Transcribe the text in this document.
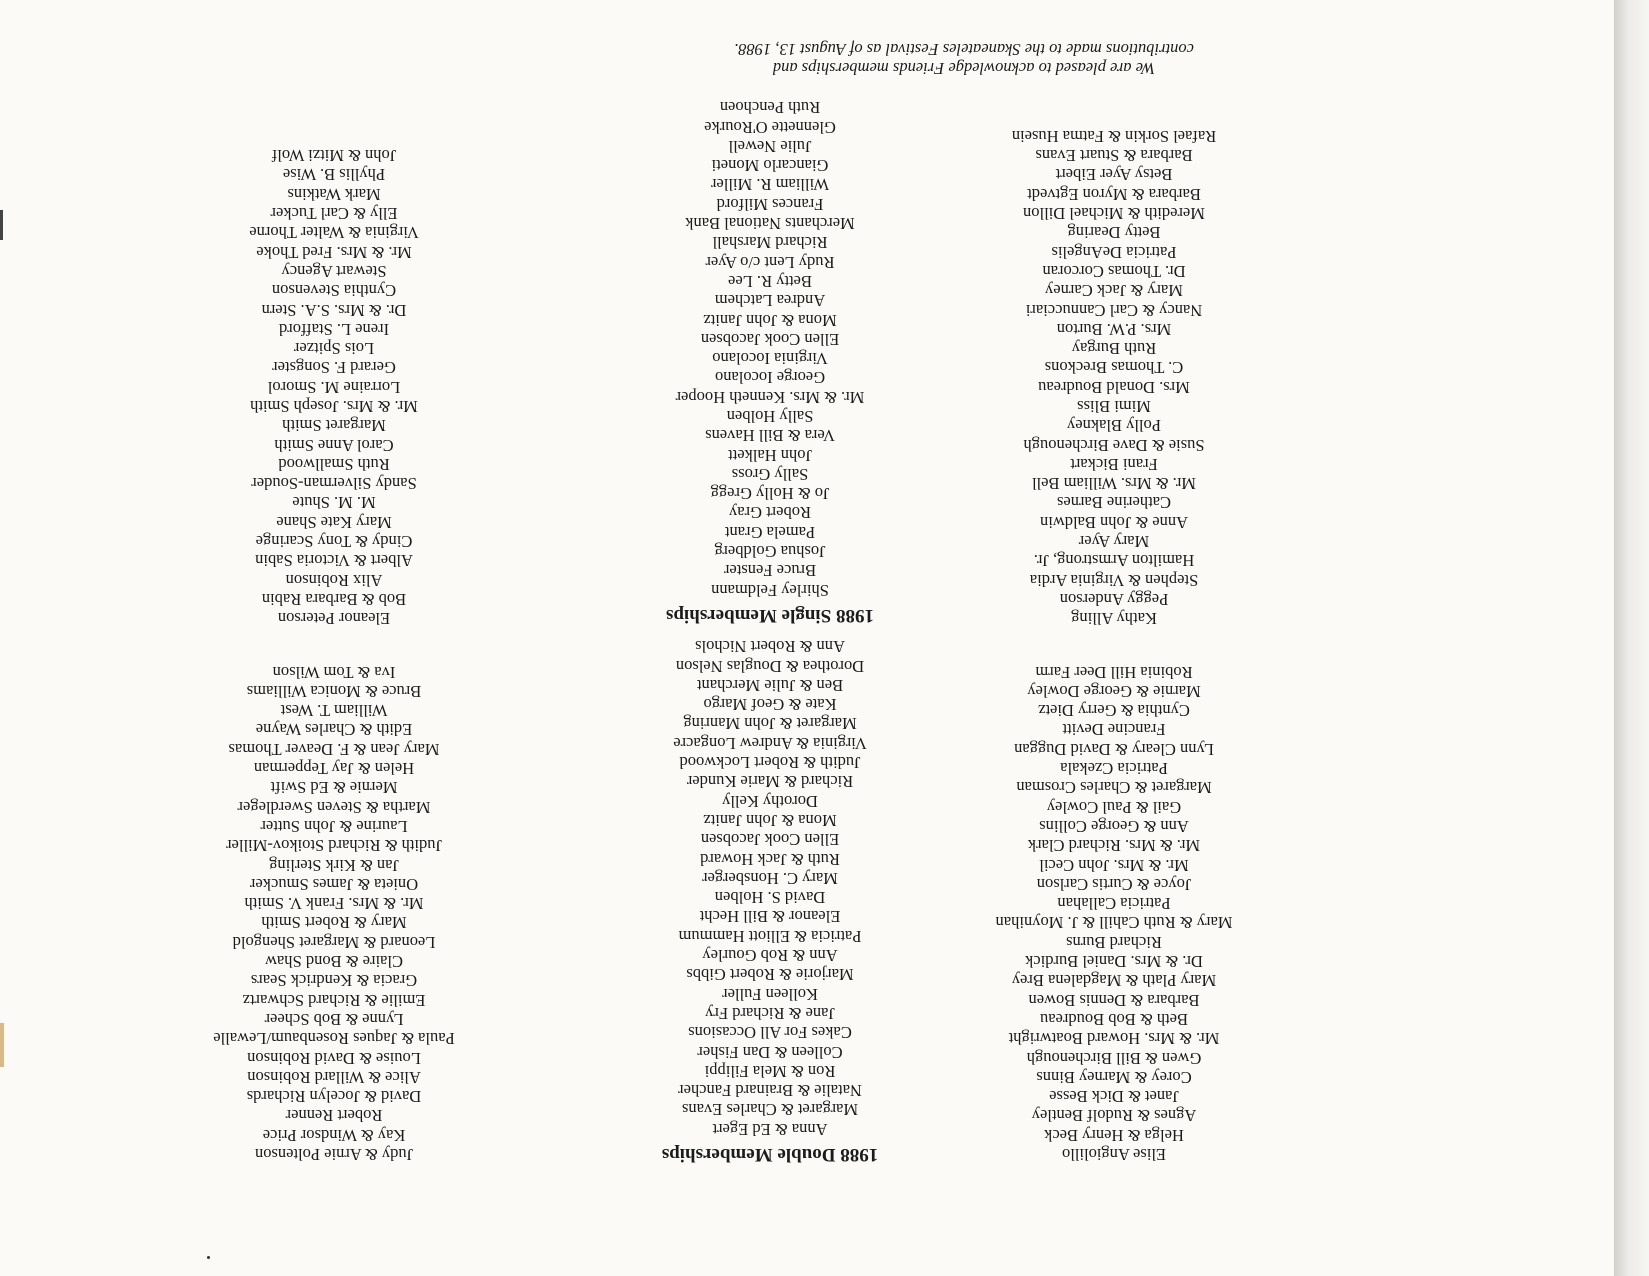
Elise Angiolillo
Helga & Henry Beck
Agnes & Rudolf Bentley
Janet & Dick Besse
Corey & Marney Binns
Gwen & Bill Birchenough
Mr. & Mrs. Howard Boatwright
Beth & Bob Boudreau
Barbara & Dennis Bowen
Mary Plath & Magdalena Brey
Dr. & Mrs. Daniel Burdick
Richard Burns
Mary & Ruth Cahill & J. Moynihan
Patricia Callahan
Joyce & Curtis Carlson
Mr. & Mrs. John Cecil
Mr. & Mrs. Richard Clark
Ann & George Collins
Gail & Paul Cowley
Margaret & Charles Crosman
Patricia Czekala
Lynn Cleary & David Duggan
Francine Devitt
Cynthia & Gerry Dietz
Marnie & George Dowley
Robinia Hill Deer Farm
Kathy Alling
Peggy Anderson
Stephen & Virginia Ardia
Hamilton Armstrong, Jr.
Mary Ayer
Anne & John Baldwin
Catherine Barnes
Mr. & Mrs. William Bell
Frani Bickart
Susie & Dave Birchenough
Polly Blakney
Mimi Bliss
Mrs. Donald Boudreau
C. Thomas Breckons
Ruth Burgay
Mrs. P.W. Burton
Nancy & Carl Cannucciari
Mary & Jack Carney
Dr. Thomas Corcoran
Patricia DeAngelis
Betty Dearing
Meredith & Michael Dillon
Barbara & Myron Egtvedt
Betsy Ayer Eibert
Barbara & Stuart Evans
Rafael Sorkin & Fatma Husein
1988 Double Memberships
Anna & Ed Egert
Margaret & Charles Evans
Natalie & Brainard Fancher
Ron & Mela Filippi
Colleen & Dan Fisher
Cakes For All Occasions
Jane & Richard Fry
Kolleen Fuller
Marjorie & Robert Gibbs
Ann & Rob Gourley
Patricia & Elliott Hammum
Eleanor & Bill Hecht
David S. Holben
Mary C. Honsberger
Ruth & Jack Howard
Ellen Cook Jacobsen
Mona & John Janitz
Dorothy Kelly
Richard & Marie Kunder
Judith & Robert Lockwood
Virginia & Andrew Longacre
Margaret & John Manring
Kate & Geof Margo
Ben & Julie Merchant
Dorothea & Douglas Nelson
Ann & Robert Nichols
1988 Single Memberships
Shirley Feldmann
Bruce Fenster
Joshua Goldberg
Pamela Grant
Robert Gray
Jo & Holly Gregg
Sally Gross
John Halkett
Vera & Bill Havens
Sally Holben
Mr. & Mrs. Kenneth Hooper
George Iocolano
Virginia Iocolano
Ellen Cook Jacobsen
Mona & John Janitz
Andrea Latchem
Betty R. Lee
Rudy Lent c/o Ayer
Richard Marshall
Merchants National Bank
Frances Milford
William R. Miller
Giancarlo Moneti
Julie Newell
Glennette O'Rourke
Ruth Penchoen
Judy & Arnie Poltenson
Kay & Windsor Price
Robert Renner
David & Jocelyn Richards
Alice & Willard Robinson
Louise & David Robinson
Paula & Jaques Rosenbaum/Lewalle
Lynne & Bob Scheer
Emilie & Richard Schwartz
Gracia & Kendrick Sears
Claire & Bond Shaw
Leonard & Margaret Shengold
Mary & Robert Smith
Mr. & Mrs. Frank V. Smith
Onieta & James Smucker
Jan & Kirk Sterling
Judith & Richard Stoikov-Miller
Laurine & John Sutter
Martha & Steven Swerdleger
Mernie & Ed Swift
Helen & Jay Tepperman
Mary Jean & F. Deaver Thomas
Edith & Charles Wayne
William T. West
Bruce & Monica Williams
Iva & Tom Wilson
Eleanor Peterson
Bob & Barbara Rabin
Alix Robinson
Albert & Victoria Sabin
Cindy & Tony Scaringe
Mary Kate Shane
M. M. Shute
Sandy Silverman-Souder
Ruth Smallwood
Carol Anne Smith
Margaret Smith
Mr. & Mrs. Joseph Smith
Lorraine M. Smorol
Gerard F. Songster
Lois Spitzer
Irene L. Stafford
Dr. & Mrs. S.A. Stern
Cynthia Stevenson
Stewart Agency
Mr. & Mrs. Fred Thoke
Virginia & Walter Thorne
Elly & Carl Tucker
Mark Watkins
Phyllis B. Wise
John & Mitzi Wolf
We are pleased to acknowledge Friends memberships and
contributions made to the Skaneateles Festival as of August 13, 1988.
